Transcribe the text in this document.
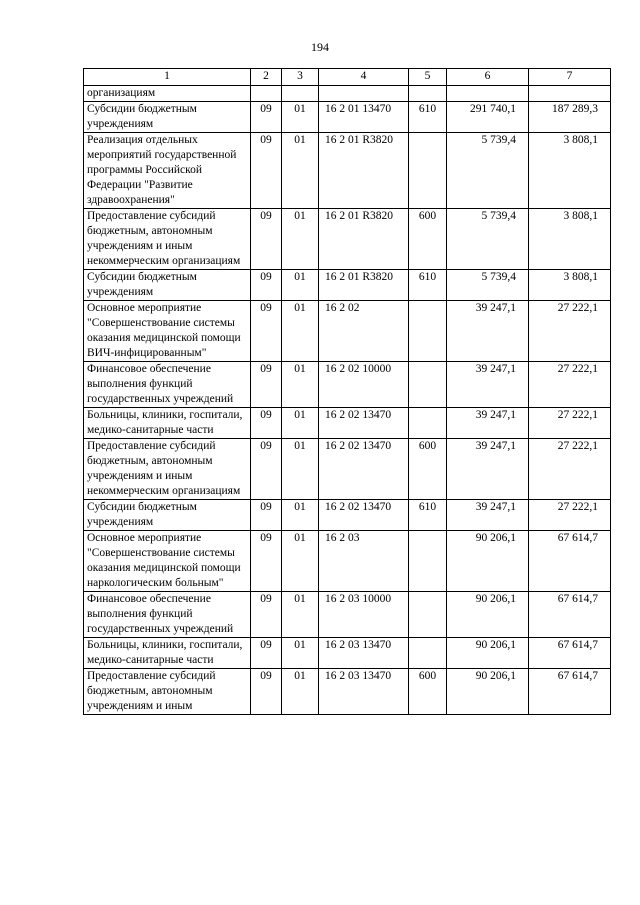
194
1	2	3	4	5	6	7
организациям						
Субсидии бюджетным учреждениям	09	01	16 2 01 13470	610	291 740,1	187 289,3
Реализация отдельных мероприятий государственной программы Российской Федерации "Развитие здравоохранения"	09	01	16 2 01 R3820		5 739,4	3 808,1
Предоставление субсидий бюджетным, автономным учреждениям и иным некоммерческим организациям	09	01	16 2 01 R3820	600	5 739,4	3 808,1
Субсидии бюджетным учреждениям	09	01	16 2 01 R3820	610	5 739,4	3 808,1
Основное мероприятие "Совершенствование системы оказания медицинской помощи ВИЧ-инфицированным"	09	01	16 2 02		39 247,1	27 222,1
Финансовое обеспечение выполнения функций государственных учреждений	09	01	16 2 02 10000		39 247,1	27 222,1
Больницы, клиники, госпитали, медико-санитарные части	09	01	16 2 02 13470		39 247,1	27 222,1
Предоставление субсидий бюджетным, автономным учреждениям и иным некоммерческим организациям	09	01	16 2 02 13470	600	39 247,1	27 222,1
Субсидии бюджетным учреждениям	09	01	16 2 02 13470	610	39 247,1	27 222,1
Основное мероприятие "Совершенствование системы оказания медицинской помощи наркологическим больным"	09	01	16 2 03		90 206,1	67 614,7
Финансовое обеспечение выполнения функций государственных учреждений	09	01	16 2 03 10000		90 206,1	67 614,7
Больницы, клиники, госпитали, медико-санитарные части	09	01	16 2 03 13470		90 206,1	67 614,7
Предоставление субсидий бюджетным, автономным учреждениям и иным	09	01	16 2 03 13470	600	90 206,1	67 614,7
